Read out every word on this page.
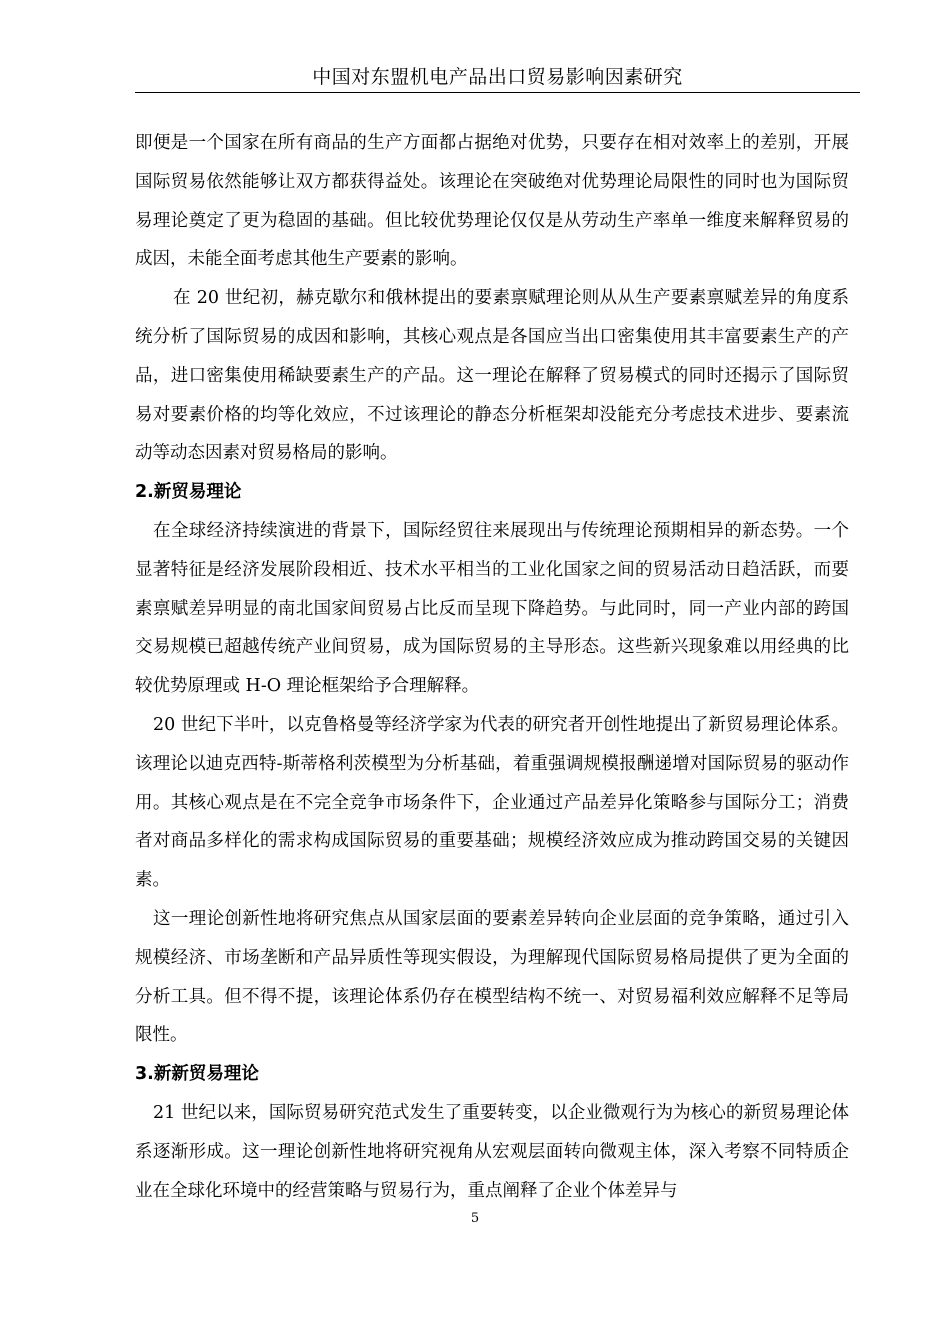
中国对东盟机电产品出口贸易影响因素研究

即便是一个国家在所有商品的生产方面都占据绝对优势，只要存在相对效率上的差别，开展国际贸易依然能够让双方都获得益处。该理论在突破绝对优势理论局限性的同时也为国际贸易理论奠定了更为稳固的基础。但比较优势理论仅仅是从劳动生产率单一维度来解释贸易的成因，未能全面考虑其他生产要素的影响。

在 20 世纪初，赫克歇尔和俄林提出的要素禀赋理论则从从生产要素禀赋差异的角度系统分析了国际贸易的成因和影响，其核心观点是各国应当出口密集使用其丰富要素生产的产品，进口密集使用稀缺要素生产的产品。这一理论在解释了贸易模式的同时还揭示了国际贸易对要素价格的均等化效应，不过该理论的静态分析框架却没能充分考虑技术进步、要素流动等动态因素对贸易格局的影响。

2.新贸易理论

在全球经济持续演进的背景下，国际经贸往来展现出与传统理论预期相异的新态势。一个显著特征是经济发展阶段相近、技术水平相当的工业化国家之间的贸易活动日趋活跃，而要素禀赋差异明显的南北国家间贸易占比反而呈现下降趋势。与此同时，同一产业内部的跨国交易规模已超越传统产业间贸易，成为国际贸易的主导形态。这些新兴现象难以用经典的比较优势原理或 H-O 理论框架给予合理解释。

20 世纪下半叶，以克鲁格曼等经济学家为代表的研究者开创性地提出了新贸易理论体系。该理论以迪克西特-斯蒂格利茨模型为分析基础，着重强调规模报酬递增对国际贸易的驱动作用。其核心观点是在不完全竞争市场条件下，企业通过产品差异化策略参与国际分工；消费者对商品多样化的需求构成国际贸易的重要基础；规模经济效应成为推动跨国交易的关键因素。

这一理论创新性地将研究焦点从国家层面的要素差异转向企业层面的竞争策略，通过引入规模经济、市场垄断和产品异质性等现实假设，为理解现代国际贸易格局提供了更为全面的分析工具。但不得不提，该理论体系仍存在模型结构不统一、对贸易福利效应解释不足等局限性。

3.新新贸易理论

21 世纪以来，国际贸易研究范式发生了重要转变，以企业微观行为为核心的新贸易理论体系逐渐形成。这一理论创新性地将研究视角从宏观层面转向微观主体，深入考察不同特质企业在全球化环境中的经营策略与贸易行为，重点阐释了企业个体差异与

5
